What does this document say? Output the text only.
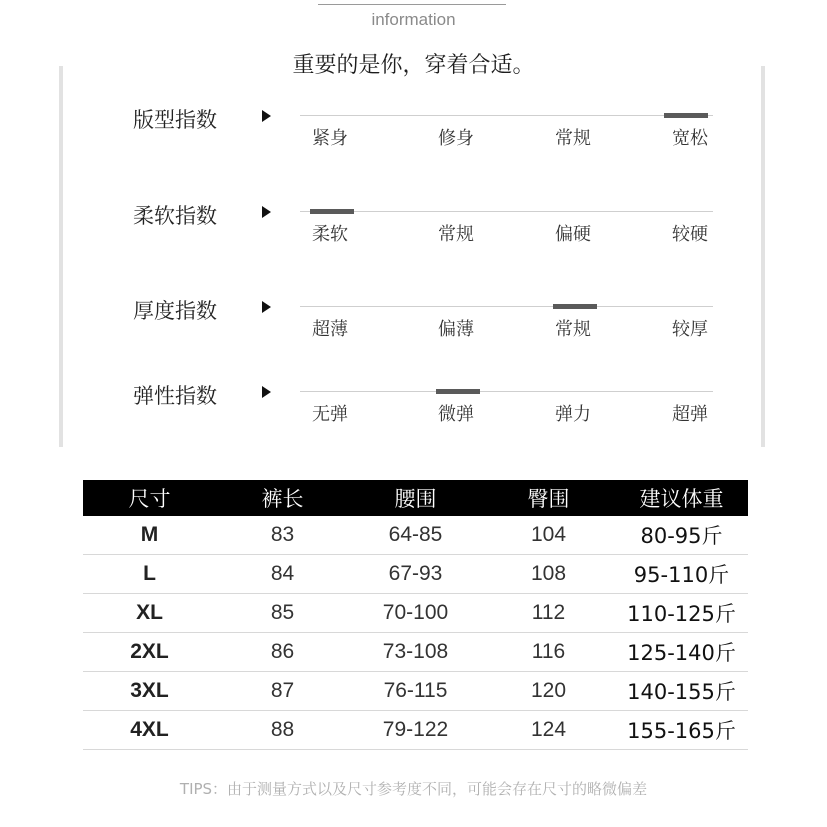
information
重要的是你，穿着合适。
版型指数
紧身	修身	常规	宽松
柔软指数
柔软	常规	偏硬	较硬
厚度指数
超薄	偏薄	常规	较厚
弹性指数
无弹	微弹	弹力	超弹
尺寸	裤长	腰围	臀围	建议体重
M	83	64-85	104	80-95斤
L	84	67-93	108	95-110斤
XL	85	70-100	112	110-125斤
2XL	86	73-108	116	125-140斤
3XL	87	76-115	120	140-155斤
4XL	88	79-122	124	155-165斤
TIPS：由于测量方式以及尺寸参考度不同，可能会存在尺寸的略微偏差
